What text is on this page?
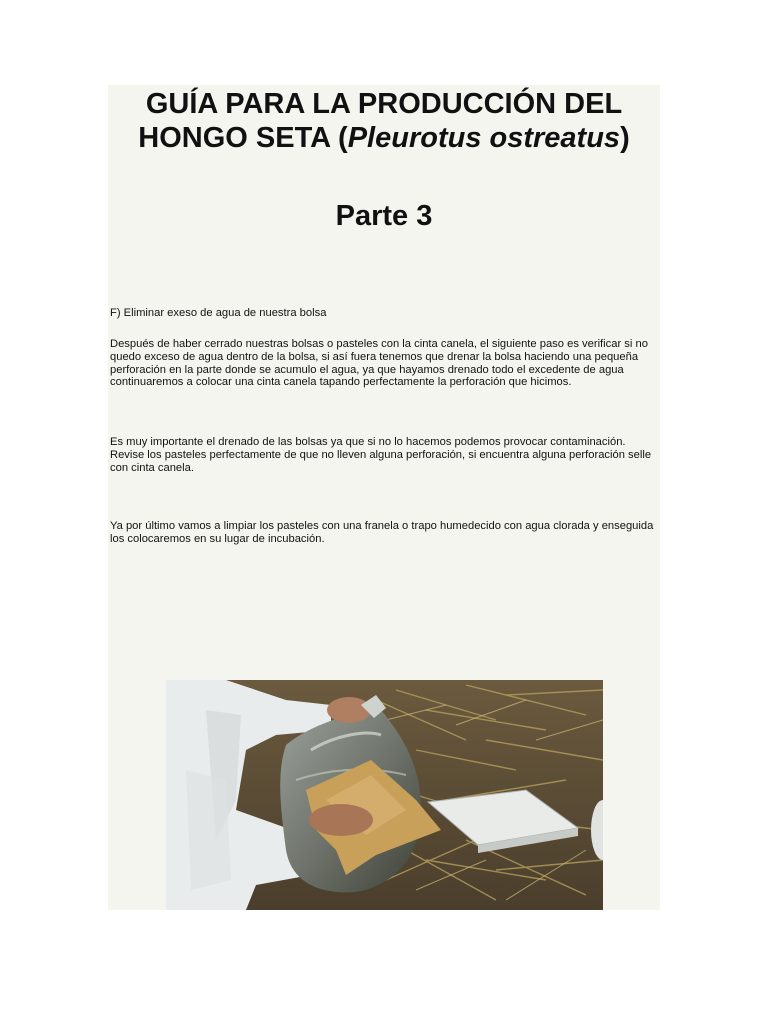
GUÍA PARA LA PRODUCCIÓN DEL
HONGO SETA (Pleurotus ostreatus)
Parte 3

F) Eliminar exeso de agua de nuestra bolsa

Después de haber cerrado nuestras bolsas o pasteles con la cinta canela, el siguiente paso es verificar si no quedo exceso de agua dentro de la bolsa, si así fuera tenemos que drenar la bolsa haciendo una pequeña perforación en la parte donde se acumulo el agua, ya que hayamos drenado todo el excedente de agua continuaremos a colocar una cinta canela tapando perfectamente la perforación que hicimos.

Es muy importante el drenado de las bolsas ya que si no lo hacemos podemos provocar contaminación. Revise los pasteles perfectamente de que no lleven alguna perforación, si encuentra alguna perforación selle con cinta canela.

Ya por último vamos a limpiar los pasteles con una franela o trapo humedecido con agua clorada y enseguida los colocaremos en su lugar de incubación.
